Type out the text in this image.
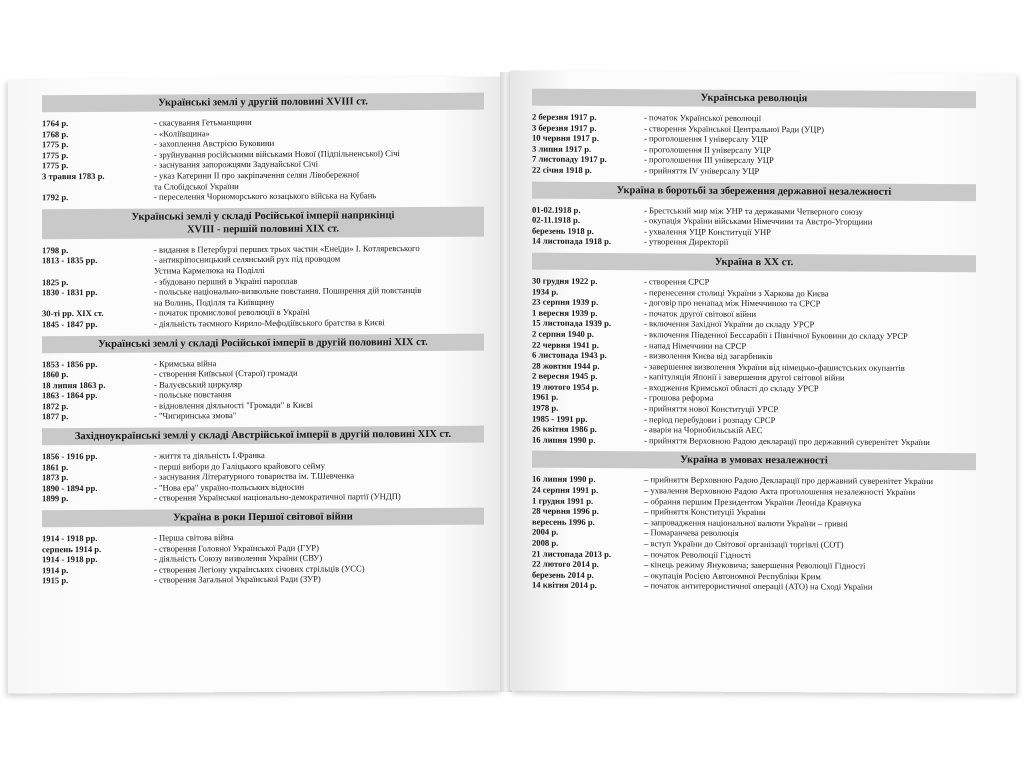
Українські землі у другій половині XVIII ст.
1764 р.	- скасування Гетьманщини
1768 р.	- «Коліївщина»
1775 р.	- захоплення Австрією Буковини
1775 р.	- зруйнування російськими військами Нової (Підпільненської) Січі
1775 р.	- заснування запорожцями Задунайської Січі
3 травня 1783 р.	- указ Катерини ІІ про закріпачення селян Лівобережної
та Слобідської України
1792 р.	- переселення Чорноморського козацького війська на Кубань
Українські землі у складі Російської імперії наприкінці
XVIII - першій половині XIX ст.
1798 р.	- видання в Петербурзі перших трьох частин «Енеїди» І. Котляревського
1813 - 1835 рр.	- антикріпосницький селянський рух під проводом
Устима Кармелюка на Поділлі
1825 р.	- збудовано перший в Україні пароплав
1830 - 1831 рр.	- польське національно-визвольне повстання. Поширення дій повстанців
на Волинь, Поділля та Київщину
30-ті рр. XIX ст.	- початок промислової революції в Україні
1845 - 1847 рр.	- діяльність таємного Кирило-Мефодіївського братства в Києві
Українські землі у складі Російської імперії в другій половині XIX ст.
1853 - 1856 рр.	- Кримська війна
1860 р.	- створення Київської (Старої) громади
18 липня 1863 р.	- Валуєвський циркуляр
1863 - 1864 рр.	- польське повстання
1872 р.	- відновлення діяльності "Громади" в Києві
1877 р.	- "Чигиринська змова"
Західноукраїнські землі у складі Австрійської імперії в другій половині XIX ст.
1856 - 1916 рр.	- життя та діяльність І.Франка
1861 р.	- перші вибори до Галіцького крайового сейму
1873 р.	- заснування Літературного товариства ім. Т.Шевченка
1890 - 1894 рр.	- "Нова ера" україно-польських відносин
1899 р.	- створення Української національно-демократичної партії (УНДП)
Україна в роки Першої світової війни
1914 - 1918 рр.	- Перша світова війна
серпень 1914 р.	- створення Головної Української Ради (ГУР)
1914 - 1918 рр.	- діяльність Союзу визволення України (СВУ)
1914 р.	- створення Легіону українських січових стрільців (УСС)
1915 р.	- створення Загальної Української Ради (ЗУР)
Українська революція
2 березня 1917 р.	- початок Української революції
3 березня 1917 р.	- створення Української Центральної Ради (УЦР)
10 червня 1917 р.	- проголошення І універсалу УЦР
3 липня 1917 р.	- проголошення ІІ універсалу УЦР
7 листопаду 1917 р.	- проголошення ІІІ універсалу УЦР
22 січня 1918 р.	- прийняття IV універсалу УЦР
Україна в боротьбі за збереження державної незалежності
01-02.1918 р.	- Брестський мир між УНР та державами Четверного союзу
02-11.1918 р.	- окупація України військами Німеччини та Австро-Угорщини
березень 1918 р.	- ухвалення УЦР Конституції УНР
14 листопада 1918 р.	- утворення Директорії
Україна в ХХ ст.
30 грудня 1922 р.	- створення СРСР
1934 р.	- перенесення столиці України з Харкова до Києва
23 серпня 1939 р.	- договір про ненапад між Німеччиною та СРСР
1 вересня 1939 р.	- початок другої світової війни
15 листопада 1939 р.	- включення Західної України до складу УРСР
2 серпня 1940 р.	- включення Південної Бессарабії і Північної Буковини до складу УРСР
22 червня 1941 р.	- напад Німеччини на СРСР
6 листопада 1943 р.	- визволення Києва від загарбників
28 жовтня 1944 р.	- завершення визволення України від німецько-фашистських окупантів
2 вересня 1945 р.	- капітуляція Японії і завершення другої світової війни
19 лютого 1954 р.	- входження Кримської області до складу УРСР
1961 р.	- грошова реформа
1978 р.	- прийняття нової Конституції УРСР
1985 - 1991 рр.	- період перебудови і розпаду СРСР
26 квітня 1986 р.	- аварія на Чорнобильській АЕС
16 липня 1990 р.	- прийняття Верховною Радою декларації про державний суверенітет України
Україна в умовах незалежності
16 липня 1990 р.	– прийняття Верховною Радою Декларації про державний суверенітет України
24 серпня 1991 р.	– ухвалення Верховною Радою Акта проголошення незалежності України
1 грудня 1991 р.	– обрання першим Президентом України Леоніда Кравчука
28 червня 1996 р.	– прийняття Конституції України
вересень 1996 р.	– запровадження національної валюти України – гривні
2004 р.	– Помаранчева революція
2008 р.	– вступ України до Світової організації торгівлі (СОТ)
21 листопада 2013 р.	– початок Революції Гідності
22 лютого 2014 р.	– кінець режиму Януковича; завершення Революції Гідності
березень 2014 р.	– окупація Росією Автономної Республіки Крим
14 квітня 2014 р.	– початок антитерористичної операції (АТО) на Сході України
